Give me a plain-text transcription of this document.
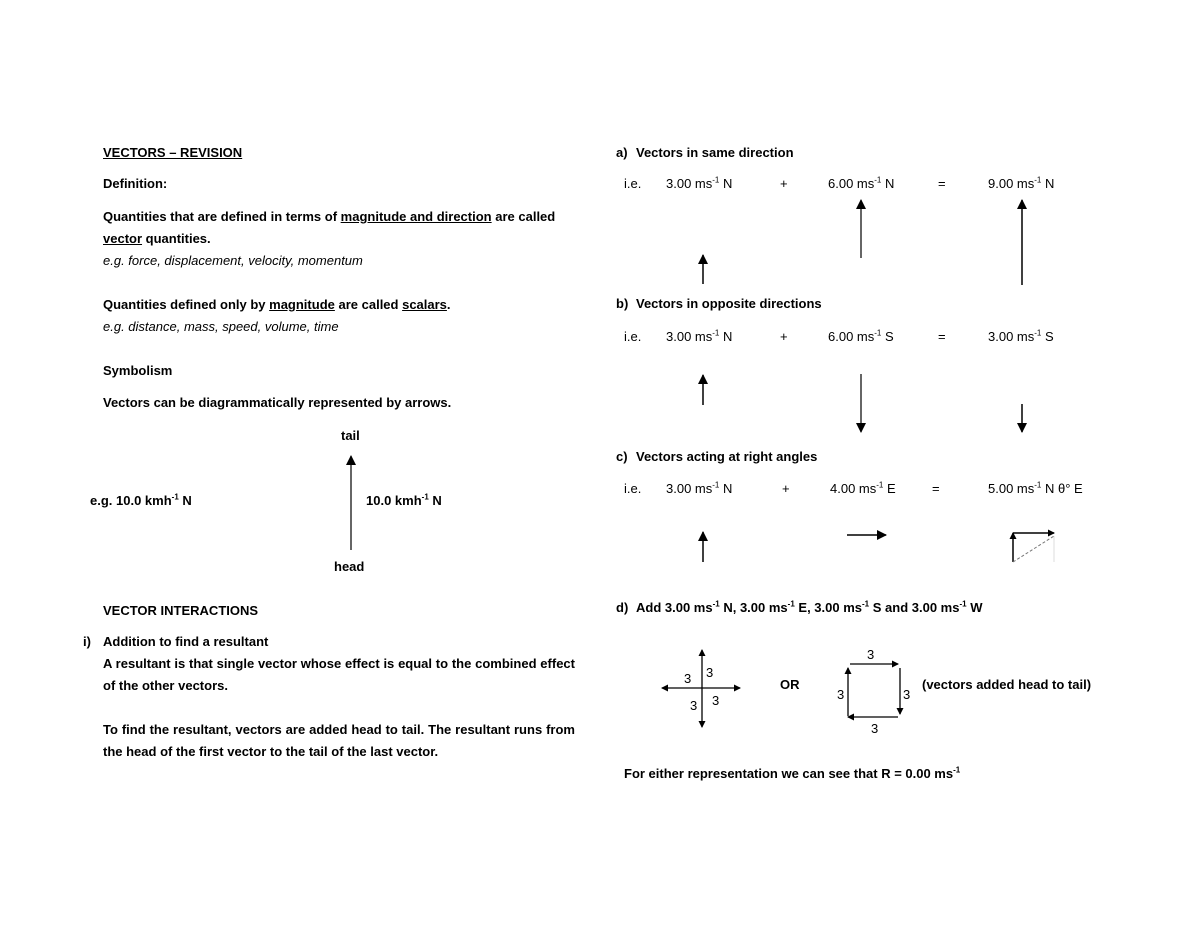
VECTORS – REVISION
Definition:
Quantities that are defined in terms of magnitude and direction are called
vector quantities.
e.g. force, displacement, velocity, momentum
Quantities defined only by magnitude are called scalars.
e.g. distance, mass, speed, volume, time
Symbolism
Vectors can be diagrammatically represented by arrows.
tail
e.g. 10.0 kmh$^{-1}$ N	10.0 kmh$^{-1}$ N
head
VECTOR INTERACTIONS
i) Addition to find a resultant
A resultant is that single vector whose effect is equal to the combined effect of the other vectors.
To find the resultant, vectors are added head to tail. The resultant runs from the head of the first vector to the tail of the last vector.
a) Vectors in same direction
i.e. 3.00 $ms^{-1}$ N	+	6.00 $ms^{-1}$ N	=	9.00 $ms^{-1}$ N
b) Vectors in opposite directions
i.e. 3.00 $ms^{-1}$ N	+	6.00 $ms^{-1}$ S	=	3.00 $ms^{-1}$ S
c) Vectors acting at right angles
i.e. 3.00 $ms^{-1}$ N	+	4.00 $ms^{-1}$ E	=	5.00 $ms^{-1}$ N θ° E
d) Add 3.00 $ms^{-1}$ N, 3.00 $ms^{-1}$ E, 3.00 $ms^{-1}$ S and 3.00 $ms^{-1}$ W
3 3
3 3
OR
3
3	3
3
(vectors added head to tail)
For either representation we can see that R = 0.00 $ms^{-1}$
